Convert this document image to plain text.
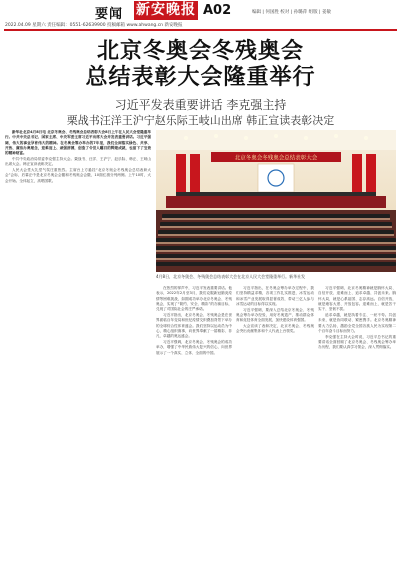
要闻 新安晚报 A02	编辑 | 何国胜 校对 | 孙璐萍 组版 | 姜敏
2022.04.09 星期六 责任编辑：0551-62639900 投稿邮箱 www.ahwang.cn 新安晚报
北京冬奥会冬残奥会
总结表彰大会隆重举行
习近平发表重要讲话 李克强主持
栗战书汪洋王沪宁赵乐际王岐山出席 韩正宣读表彰决定

新华社北京4月8日电 北京冬奥会、冬残奥会总结表彰大会8日上午在人民大会堂隆重举行。中共中央总书记、国家主席、中央军委主席习近平出席大会并发表重要讲话。习近平强调，伟大的事业孕育伟大的精神。在冬奥会筹办举办的7年里，我们全面落实绿色、共享、开放、廉洁办奥理念，迎难而上、顽强拼搏，创造了令世人瞩目的辉煌成就，也留下了宝贵的精神财富。

中共中央政治局常委李克强主持大会。栗战书、汪洋、王沪宁、赵乐际、韩正、王岐山出席大会。韩正宣读表彰决定。

人民大会堂大礼堂气氛庄重热烈。主席台上方悬挂“北京冬奥会冬残奥会总结表彰大会”会标，后幕正中是北京冬奥会会徽和冬残奥会会徽，10面红旗分列两侧。上午10时，大会开始。全体起立，高唱国歌。

北京冬奥会冬残奥会总结表彰大会
4月8日，北京冬奥会、冬残奥会总结表彰大会在北京人民大会堂隆重举行。新华社发

在热烈的掌声中，习近平发表重要讲话。他表示，2022年2月至3月，我们克服新冠肺炎疫情等困难挑战，如期成功举办北京冬奥会、冬残奥会，实现了“简约、安全、精彩”的办赛目标，兑现了对国际社会的庄严承诺。

习近平指出，北京冬奥会、冬残奥会是在世界面临百年变局和世纪疫情交织叠加背景下举办的全球综合性体育盛会。我们坚持以运动员为中心，精心组织赛事，向世界奉献了一届精彩、非凡、卓越的奥运盛会。

习近平强调，北京冬奥会、冬残奥会的成功举办，增强了中华民族伟大复兴的信心，向世界展示了一个真实、立体、全面的中国。

习近平指出，在冬奥会筹办举办过程中，我们坚持精益求精，各项工作扎实推进，冰雪运动和冰雪产业发展取得显著成效，带动三亿人参与冰雪运动的目标得以实现。

习近平强调，要深入总结北京冬奥会、冬残奥会筹办举办经验，用好冬奥遗产，推动群众体育和竞技体育全面发展，加快建设体育强国。

大会宣读了表彰决定，北京冬奥会、冬残奥会突出贡献集体和个人代表上台领奖。

习近平强调，北京冬奥精神就是胸怀大局、自信开放、迎难而上、追求卓越、共创未来。胸怀大局，就是心系祖国、志存高远。自信开放，就是雍容大度、开放包容。迎难而上，就是苦干实干、坚韧不拔。

追求卓越，就是执着专注、一丝不苟。共创未来，就是协同联动、紧密携手。北京冬奥精神要大力弘扬，激励全党全国各族人民为实现第二个百年奋斗目标而努力。

李克强在主持大会时说，习近平总书记的重要讲话全面回顾了北京冬奥会、冬残奥会筹办举办历程，我们要认真学习领会，深入贯彻落实。
